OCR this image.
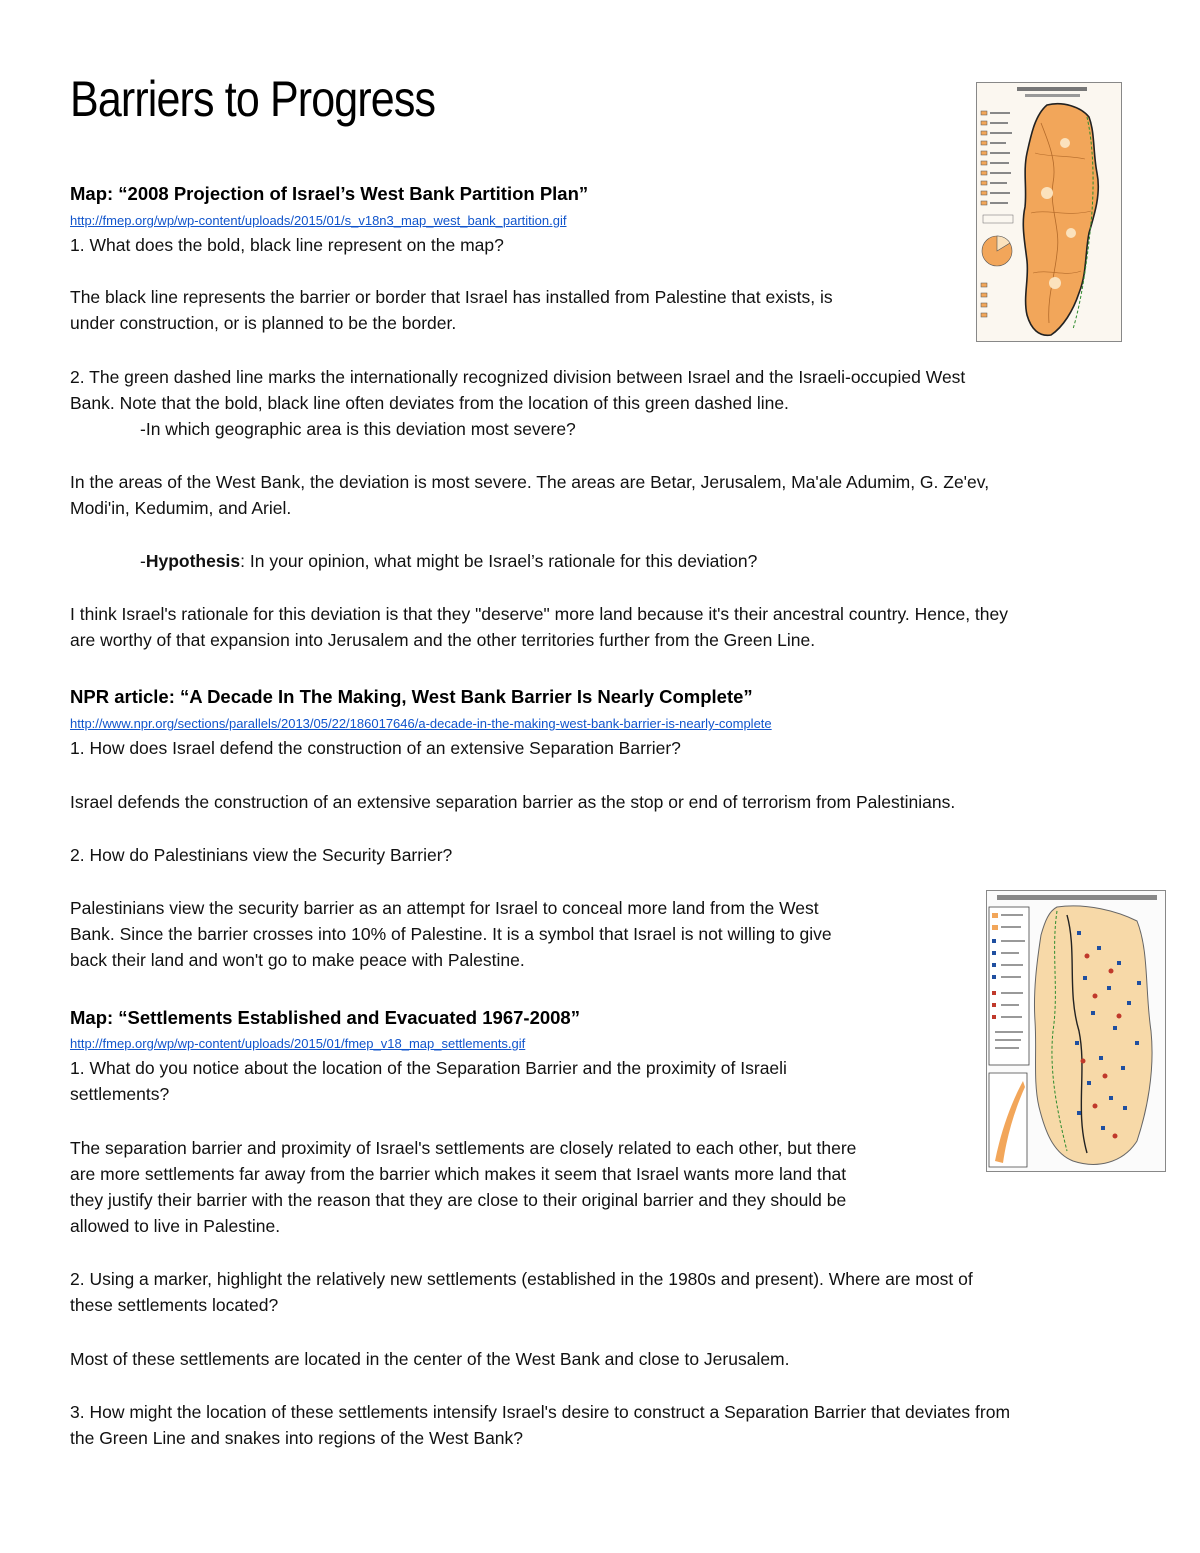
Barriers to Progress
Map: “2008 Projection of Israel’s West Bank Partition Plan”
http://fmep.org/wp/wp-content/uploads/2015/01/s_v18n3_map_west_bank_partition.gif

1. What does the bold, black line represent on the map?

The black line represents the barrier or border that Israel has installed from Palestine that exists, is

under construction, or is planned to be the border.

2. The green dashed line marks the internationally recognized division between Israel and the Israeli-occupied West

Bank. Note that the bold, black line often deviates from the location of this green dashed line.

-In which geographic area is this deviation most severe?

In the areas of the West Bank, the deviation is most severe. The areas are Betar, Jerusalem, Ma'ale Adumim, G. Ze'ev,

Modi'in, Kedumim, and Ariel.

-Hypothesis: In your opinion, what might be Israel’s rationale for this deviation?

I think Israel's rationale for this deviation is that they "deserve" more land because it's their ancestral country. Hence, they

are worthy of that expansion into Jerusalem and the other territories further from the Green Line.

NPR article: “A Decade In The Making, West Bank Barrier Is Nearly Complete”
http://www.npr.org/sections/parallels/2013/05/22/186017646/a-decade-in-the-making-west-bank-barrier-is-nearly-complete

1. How does Israel defend the construction of an extensive Separation Barrier?

Israel defends the construction of an extensive separation barrier as the stop or end of terrorism from Palestinians.

2. How do Palestinians view the Security Barrier?

Palestinians view the security barrier as an attempt for Israel to conceal more land from the West

Bank. Since the barrier crosses into 10% of Palestine. It is a symbol that Israel is not willing to give

back their land and won't go to make peace with Palestine.

Map: “Settlements Established and Evacuated 1967-2008”
http://fmep.org/wp/wp-content/uploads/2015/01/fmep_v18_map_settlements.gif

1. What do you notice about the location of the Separation Barrier and the proximity of Israeli

settlements?

The separation barrier and proximity of Israel's settlements are closely related to each other, but there

are more settlements far away from the barrier which makes it seem that Israel wants more land that

they justify their barrier with the reason that they are close to their original barrier and they should be

allowed to live in Palestine.

2. Using a marker, highlight the relatively new settlements (established in the 1980s and present). Where are most of

these settlements located?

Most of these settlements are located in the center of the West Bank and close to Jerusalem.

3. How might the location of these settlements intensify Israel's desire to construct a Separation Barrier that deviates from

the Green Line and snakes into regions of the West Bank?
